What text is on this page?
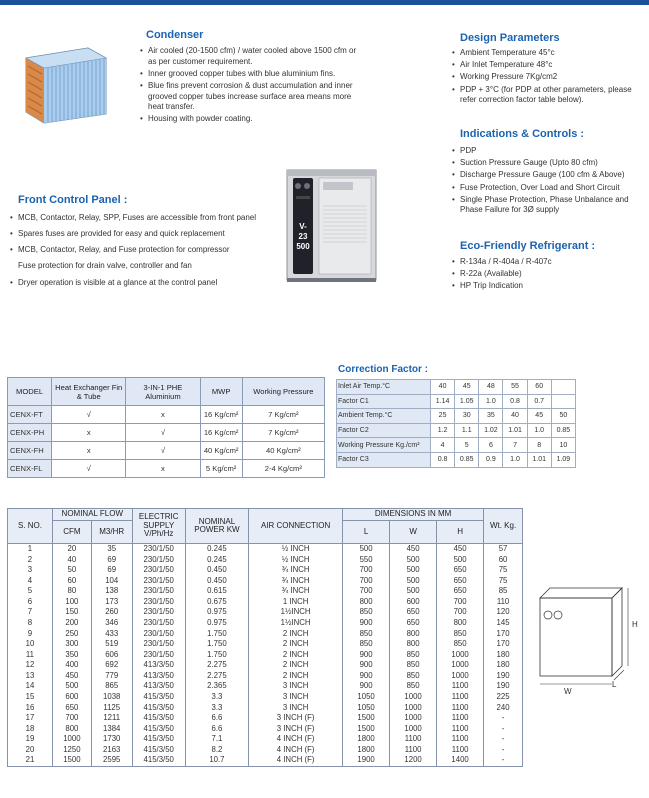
Condenser
• Air cooled (20-1500 cfm) / water cooled above 1500 cfm or as per customer requirement.
• Inner grooved copper tubes with blue aluminium fins.
• Blue fins prevent corrosion & dust accumulation and inner grooved copper tubes increase surface area means more heat transfer.
• Housing with powder coating.
Design Parameters
• Ambient Temperature 45°c
• Air Inlet Temperature 48°c
• Working Pressure 7Kg/cm2
• PDP + 3°C (for PDP at other parameters, please refer correction factor table below).
Indications & Controls :
• PDP
• Suction Pressure Gauge (Upto 80 cfm)
• Discharge Pressure Gauge (100 cfm & Above)
• Fuse Protection, Over Load and Short Circuit
• Single Phase Protection, Phase Unbalance and Phase Failure for 3Ø supply
Eco-Friendly Refrigerant :
• R-134a / R-404a / R-407c
• R-22a (Available)
• HP Trip Indication
Front Control Panel :
• MCB, Contactor, Relay, SPP, Fuses are accessible from front panel
• Spares fuses are provided for easy and quick replacement
• MCB, Contactor, Relay, and Fuse protection for compressor

Fuse protection for drain valve, controller and fan

• Dryer operation is visible at a glance at the control panel
V-23
500
MODEL	Heat Exchanger Fin & Tube	3-IN-1 PHE Aluminium	MWP	Working Pressure
CENX-FT	√	x	16 Kg/cm²	7 Kg/cm²
CENX-PH	x	√	16 Kg/cm²	7 Kg/cm²
CENX-FH	x	√	40 Kg/cm²	40 Kg/cm²
CENX-FL	√	x	5 Kg/cm²	2-4 Kg/cm²
Correction Factor :
Inlet Air Temp.°C	40	45	48	55	60	
Factor C1	1.14	1.05	1.0	0.8	0.7	
Ambient Temp.°C	25	30	35	40	45	50
Factor C2	1.2	1.1	1.02	1.01	1.0	0.85
Working Pressure Kg./cm²	4	5	6	7	8	10
Factor C3	0.8	0.85	0.9	1.0	1.01	1.09
S. NO.	NOMINAL FLOW		ELECTRIC SUPPLY V/Ph/Hz	NOMINAL POWER KW	AIR CONNECTION	DIMENSIONS IN MM			Wt. Kg.
	CFM	M3/HR				L	W	H	
1	20	35	230/1/50	0.245	½ INCH	500	450	450	57
2	40	69	230/1/50	0.245	½ INCH	550	500	500	60
3	50	69	230/1/50	0.450	¾ INCH	700	500	650	75
4	60	104	230/1/50	0.450	¾ INCH	700	500	650	75
5	80	138	230/1/50	0.615	¾ INCH	700	500	650	85
6	100	173	230/1/50	0.675	1 INCH	800	600	700	110
7	150	260	230/1/50	0.975	1½INCH	850	650	700	120
8	200	346	230/1/50	0.975	1½INCH	900	650	800	145
9	250	433	230/1/50	1.750	2 INCH	850	800	850	170
10	300	519	230/1/50	1.750	2 INCH	850	800	850	170
11	350	606	230/1/50	1.750	2 INCH	900	850	1000	180
12	400	692	413/3/50	2.275	2 INCH	900	850	1000	180
13	450	779	413/3/50	2.275	2 INCH	900	850	1000	190
14	500	865	413/3/50	2.365	3 INCH	900	850	1100	190
15	600	1038	415/3/50	3.3	3 INCH	1050	1000	1100	225
16	650	1125	415/3/50	3.3	3 INCH	1050	1000	1100	240
17	700	1211	415/3/50	6.6	3 INCH (F)	1500	1000	1100	-
18	800	1384	415/3/50	6.6	3 INCH (F)	1500	1000	1100	-
19	1000	1730	415/3/50	7.1	4 INCH (F)	1800	1100	1100	-
20	1250	2163	415/3/50	8.2	4 INCH (F)	1800	1100	1100	-
21	1500	2595	415/3/50	10.7	4 INCH (F)	1900	1200	1400	-
H
W
L
